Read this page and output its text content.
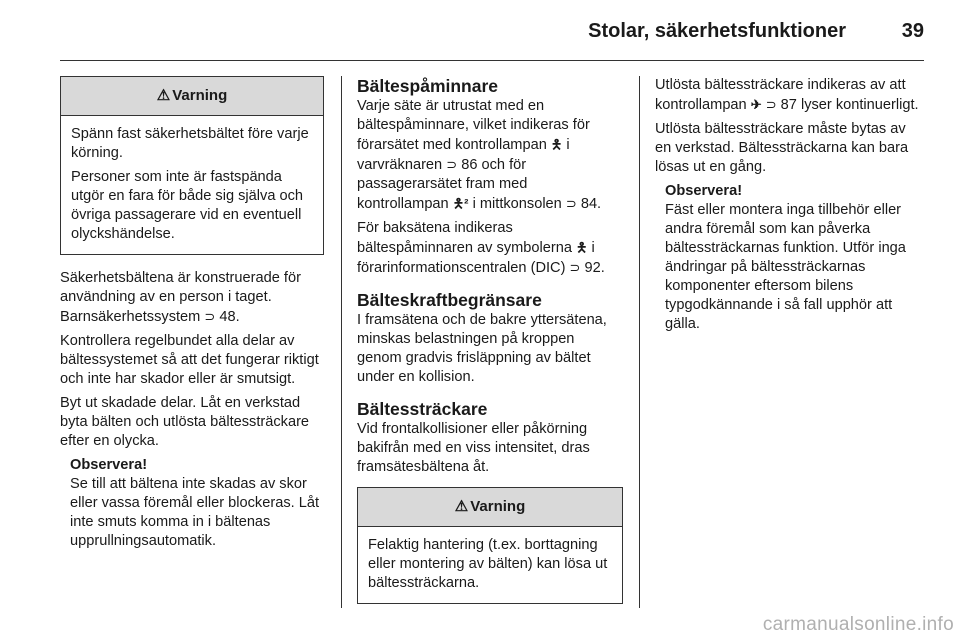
Stolar, säkerhetsfunktioner	39
⚠ Varning

Spänn fast säkerhetsbältet före varje körning.

Personer som inte är fastspända utgör en fara för både sig själva och övriga passagerare vid en eventuell olyckshändelse.

Säkerhetsbältena är konstruerade för användning av en person i taget. Barnsäkerhetssystem ⊃ 48.

Kontrollera regelbundet alla delar av bältessystemet så att det fungerar riktigt och inte har skador eller är smutsigt.

Byt ut skadade delar. Låt en verkstad byta bälten och utlösta bältessträckare efter en olycka.

Observera!
Se till att bältena inte skadas av skor eller vassa föremål eller blockeras. Låt inte smuts komma in i bältenas upprullningsautomatik.
Bältespåminnare

Varje säte är utrustat med en bältespåminnare, vilket indikeras för förarsätet med kontrollampan 🯅 i varvräknaren ⊃ 86 och för passagerarsätet fram med kontrollampan 🯅² i mittkonsolen ⊃ 84.

För baksätena indikeras bältespåminnaren av symbolerna 🯅 i förarinformationscentralen (DIC) ⊃ 92.

Bälteskraftbegränsare

I framsätena och de bakre yttersätena, minskas belastningen på kroppen genom gradvis frisläppning av bältet under en kollision.

Bältessträckare

Vid frontalkollisioner eller påkörning bakifrån med en viss intensitet, dras framsätesbältena åt.

⚠ Varning

Felaktig hantering (t.ex. borttagning eller montering av bälten) kan lösa ut bältessträckarna.

Utlösta bältessträckare indikeras av att kontrollampan ✈ ⊃ 87 lyser kontinuerligt.

Utlösta bältessträckare måste bytas av en verkstad. Bältessträckarna kan bara lösas ut en gång.

Observera!
Fäst eller montera inga tillbehör eller andra föremål som kan påverka bältessträckarnas funktion. Utför inga ändringar på bältessträckarnas komponenter eftersom bilens typgodkännande i så fall upphör att gälla.
carmanualsonline.info
